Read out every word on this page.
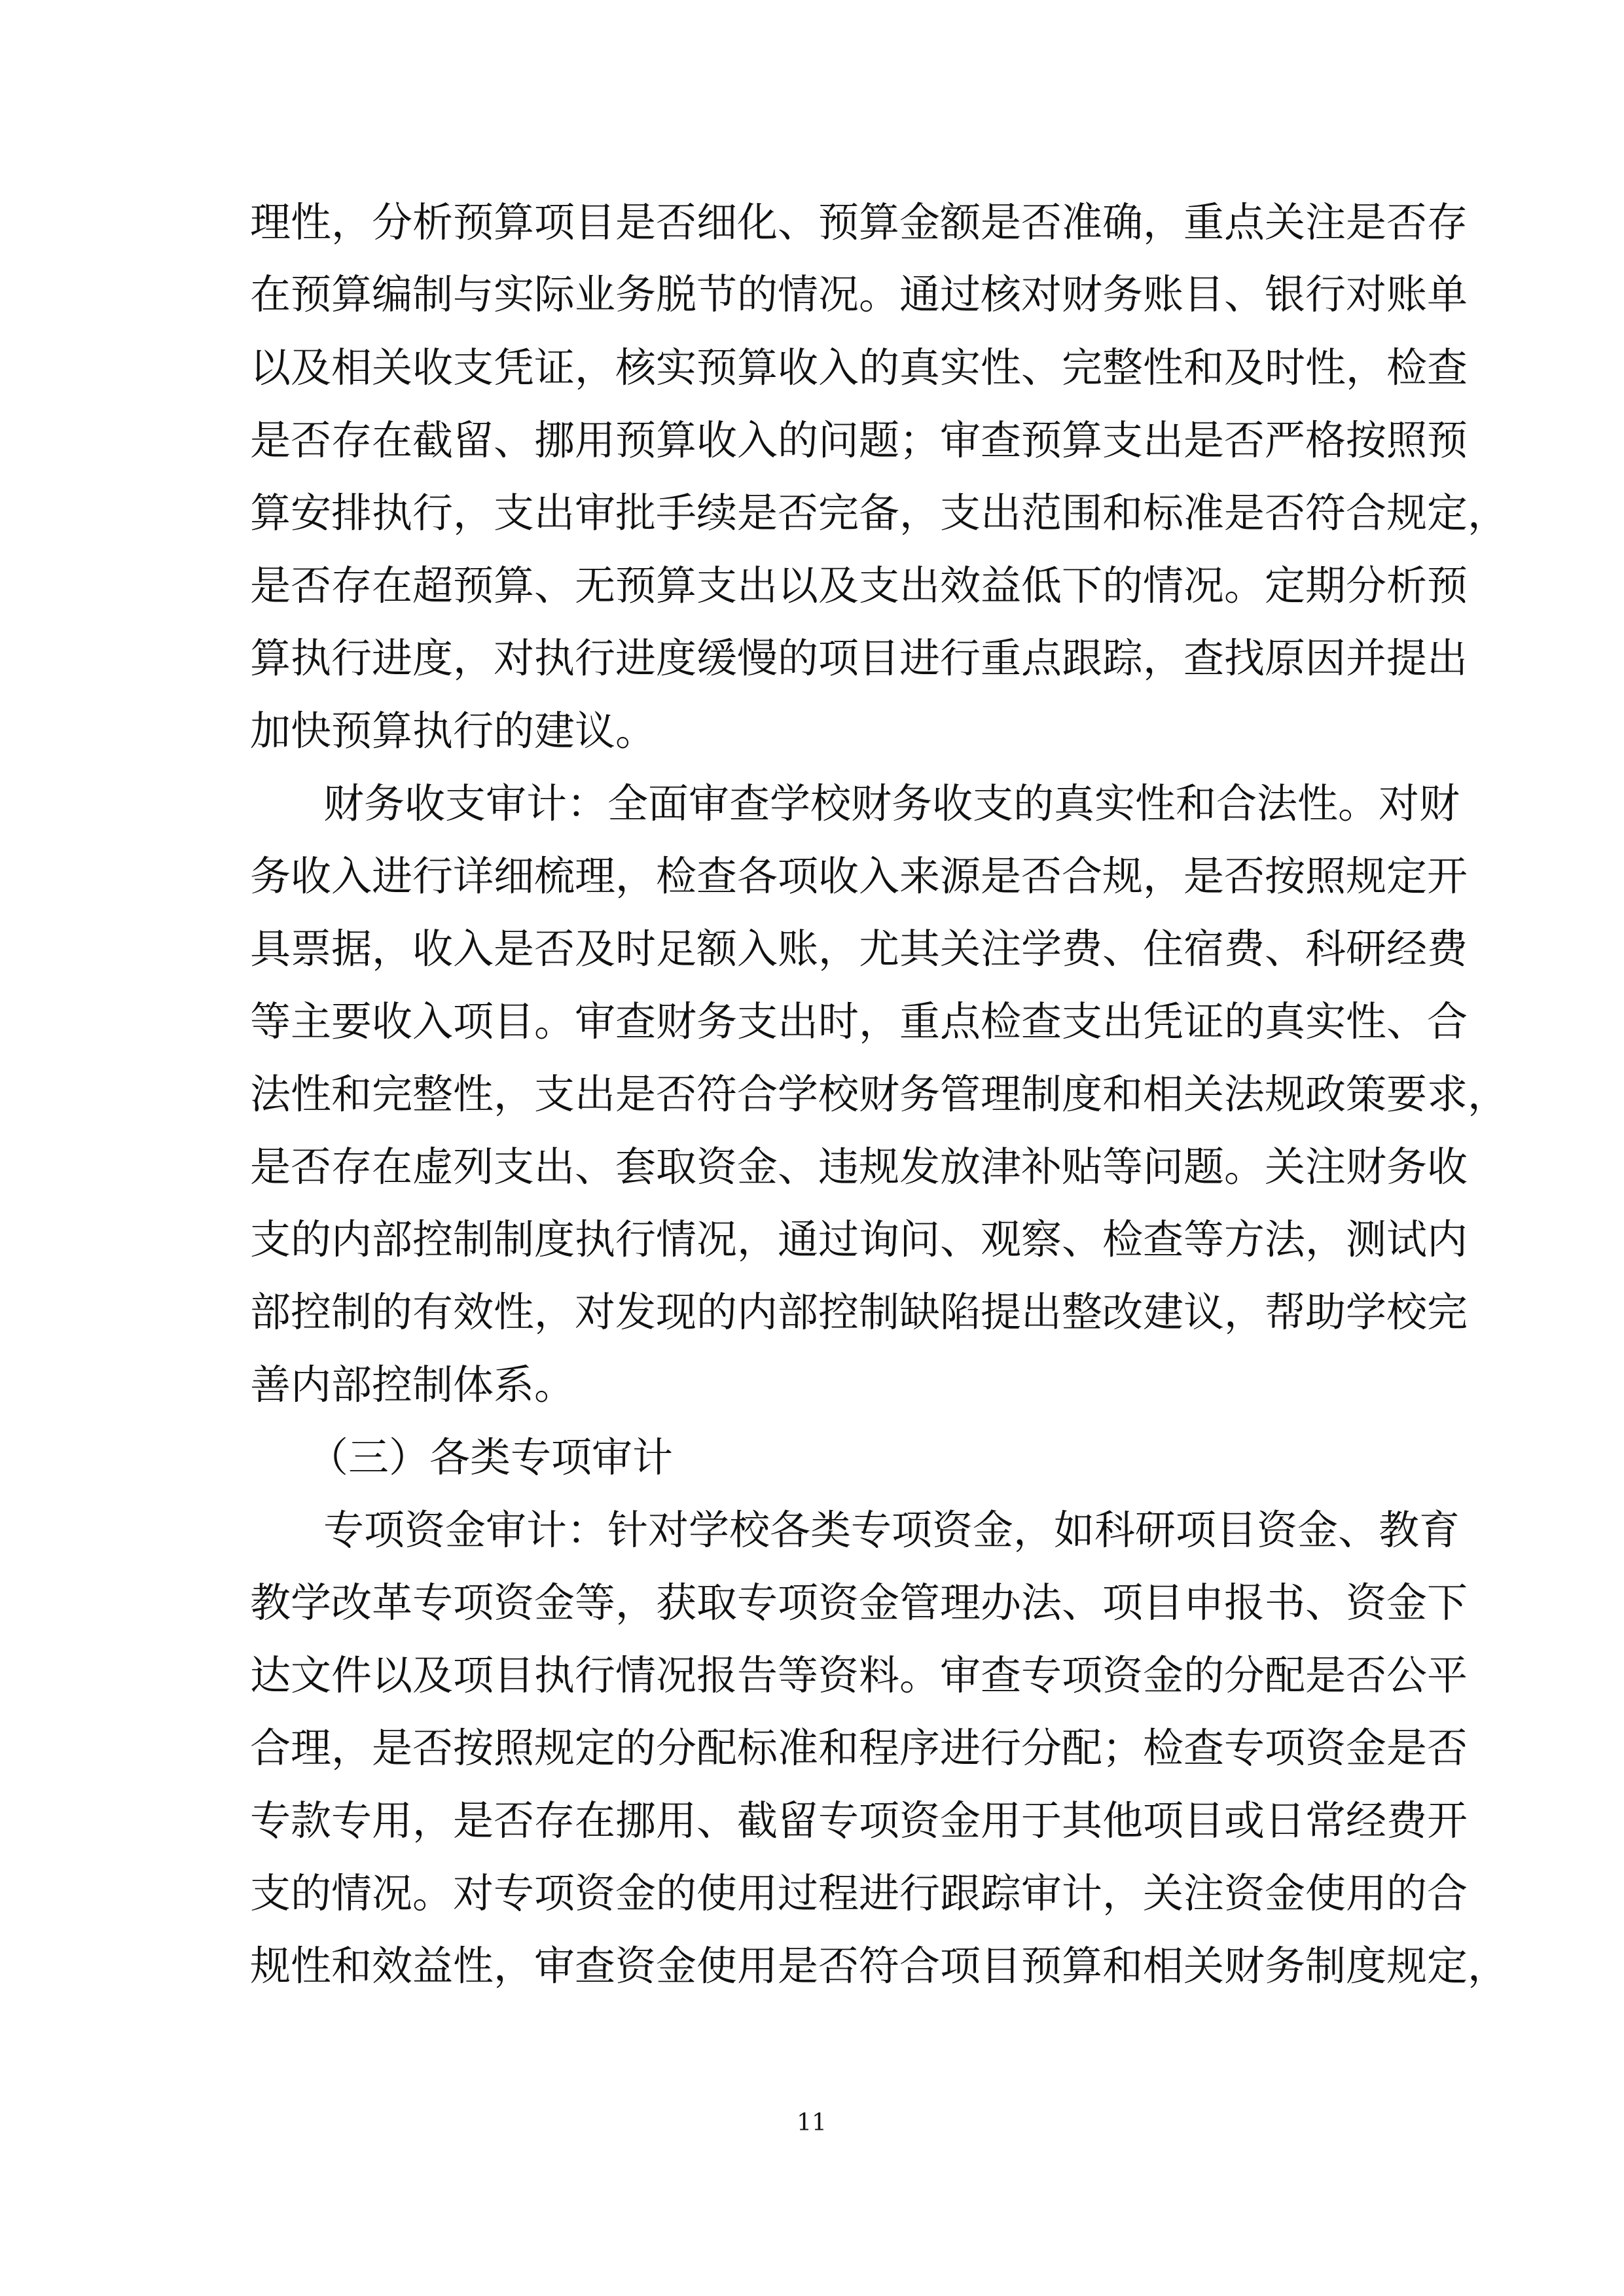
理性，分析预算项目是否细化、预算金额是否准确，重点关注是否存
在预算编制与实际业务脱节的情况。通过核对财务账目、银行对账单
以及相关收支凭证，核实预算收入的真实性、完整性和及时性，检查
是否存在截留、挪用预算收入的问题；审查预算支出是否严格按照预
算安排执行，支出审批手续是否完备，支出范围和标准是否符合规定，
是否存在超预算、无预算支出以及支出效益低下的情况。定期分析预
算执行进度，对执行进度缓慢的项目进行重点跟踪，查找原因并提出
加快预算执行的建议。
财务收支审计：全面审查学校财务收支的真实性和合法性。对财
务收入进行详细梳理，检查各项收入来源是否合规，是否按照规定开
具票据，收入是否及时足额入账，尤其关注学费、住宿费、科研经费
等主要收入项目。审查财务支出时，重点检查支出凭证的真实性、合
法性和完整性，支出是否符合学校财务管理制度和相关法规政策要求，
是否存在虚列支出、套取资金、违规发放津补贴等问题。关注财务收
支的内部控制制度执行情况，通过询问、观察、检查等方法，测试内
部控制的有效性，对发现的内部控制缺陷提出整改建议，帮助学校完
善内部控制体系。
（三）各类专项审计
专项资金审计：针对学校各类专项资金，如科研项目资金、教育
教学改革专项资金等，获取专项资金管理办法、项目申报书、资金下
达文件以及项目执行情况报告等资料。审查专项资金的分配是否公平
合理，是否按照规定的分配标准和程序进行分配；检查专项资金是否
专款专用，是否存在挪用、截留专项资金用于其他项目或日常经费开
支的情况。对专项资金的使用过程进行跟踪审计，关注资金使用的合
规性和效益性，审查资金使用是否符合项目预算和相关财务制度规定，
11
